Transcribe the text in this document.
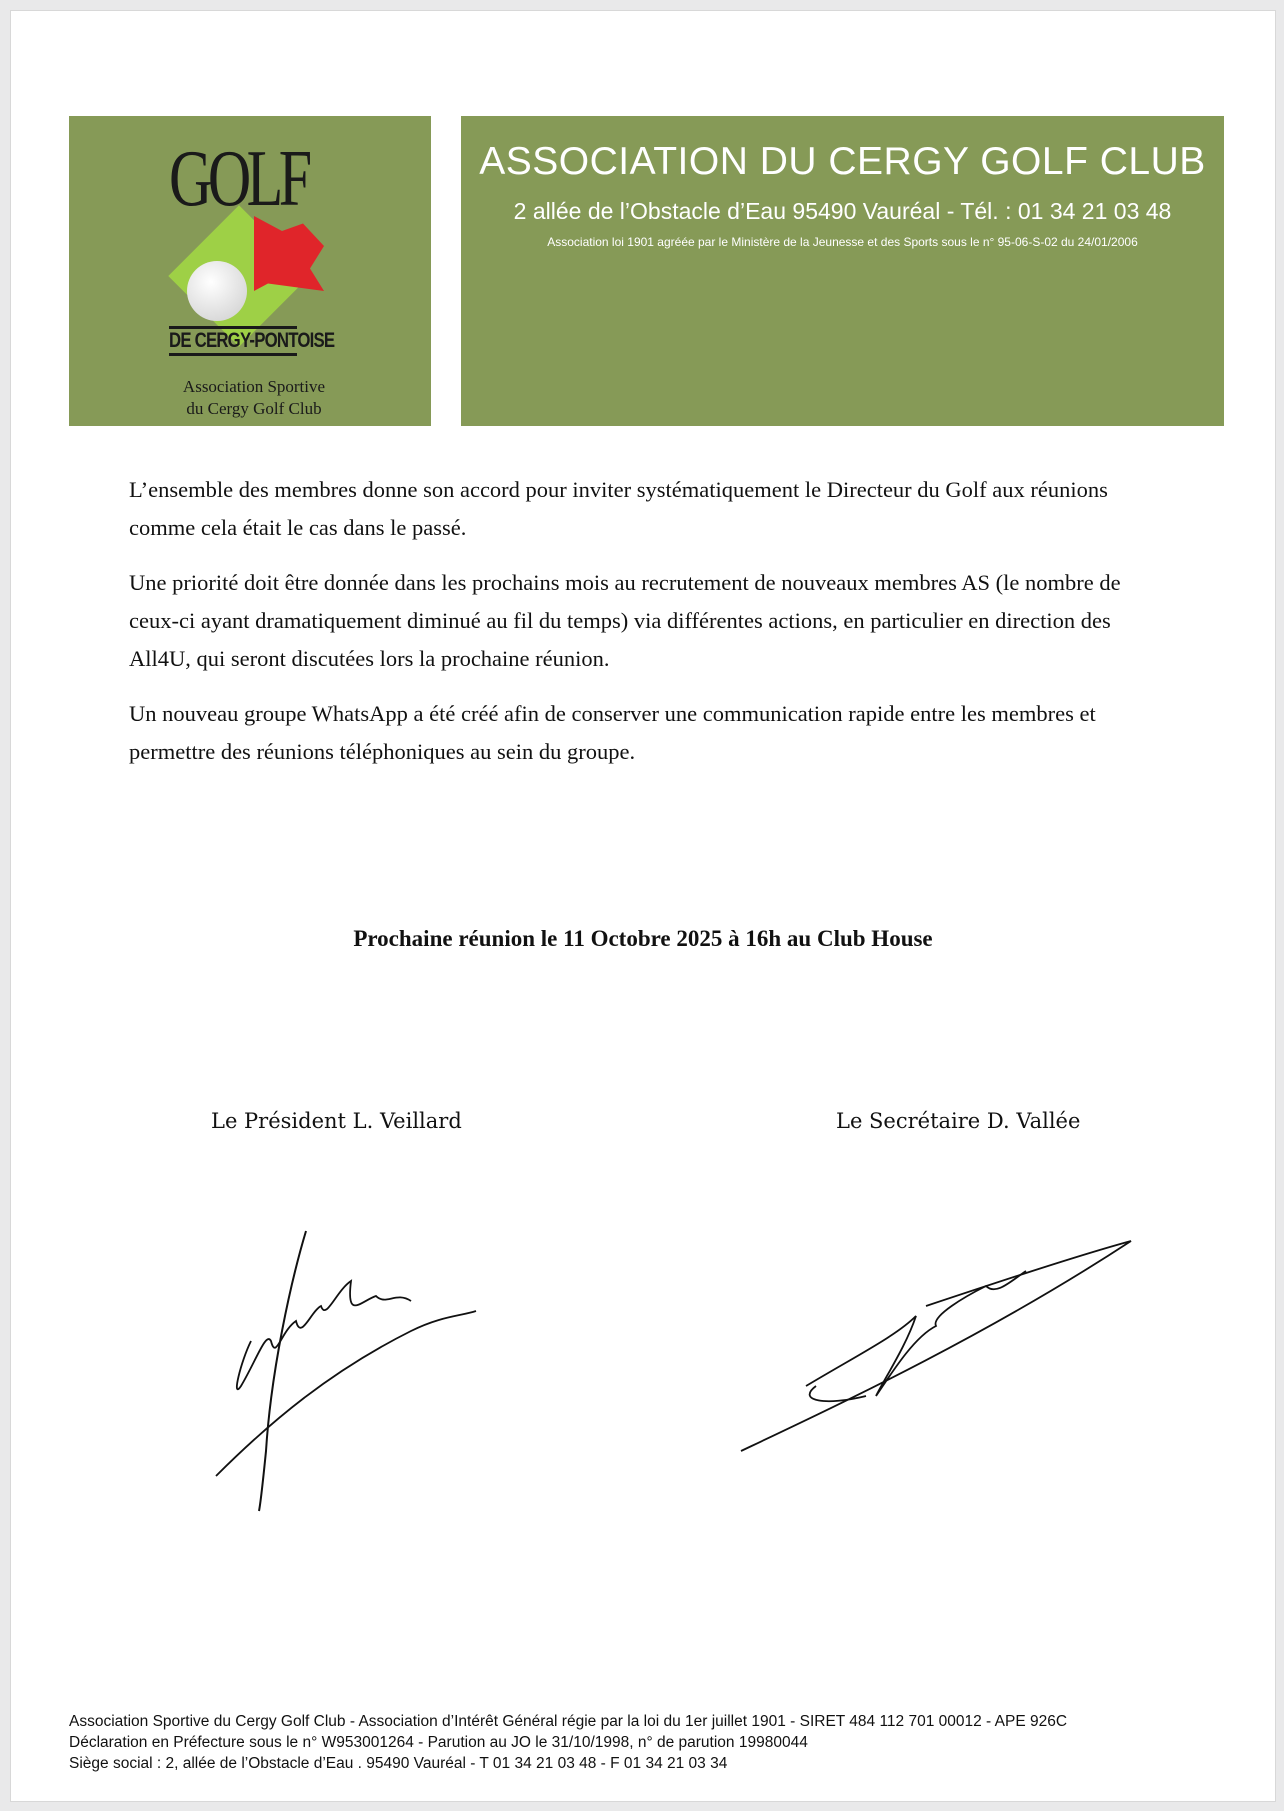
GOLF
DE CERGY-PONTOISE
Association Sportive
du Cergy Golf Club
ASSOCIATION DU CERGY GOLF CLUB
2 allée de l’Obstacle d’Eau 95490 Vauréal - Tél. : 01 34 21 03 48
Association loi 1901 agréée par le Ministère de la Jeunesse et des Sports sous le n° 95-06-S-02 du 24/01/2006

L’ensemble des membres donne son accord pour inviter systématiquement le Directeur du Golf aux réunions comme cela était le cas dans le passé.

Une priorité doit être donnée dans les prochains mois au recrutement de nouveaux membres AS (le nombre de ceux-ci ayant dramatiquement diminué au fil du temps) via différentes actions, en particulier en direction des All4U, qui seront discutées lors la prochaine réunion.

Un nouveau groupe WhatsApp a été créé afin de conserver une communication rapide entre les membres et permettre des réunions téléphoniques au sein du groupe.

Prochaine réunion le 11 Octobre 2025 à 16h au Club House
Le Président L. Veillard	Le Secrétaire D. Vallée
Association Sportive du Cergy Golf Club - Association d’Intérêt Général régie par la loi du 1er juillet 1901 - SIRET 484 112 701 00012 - APE 926C
Déclaration en Préfecture sous le n° W953001264 - Parution au JO le 31/10/1998, n° de parution 19980044
Siège social : 2, allée de l’Obstacle d’Eau . 95490 Vauréal - T 01 34 21 03 48 - F 01 34 21 03 34
